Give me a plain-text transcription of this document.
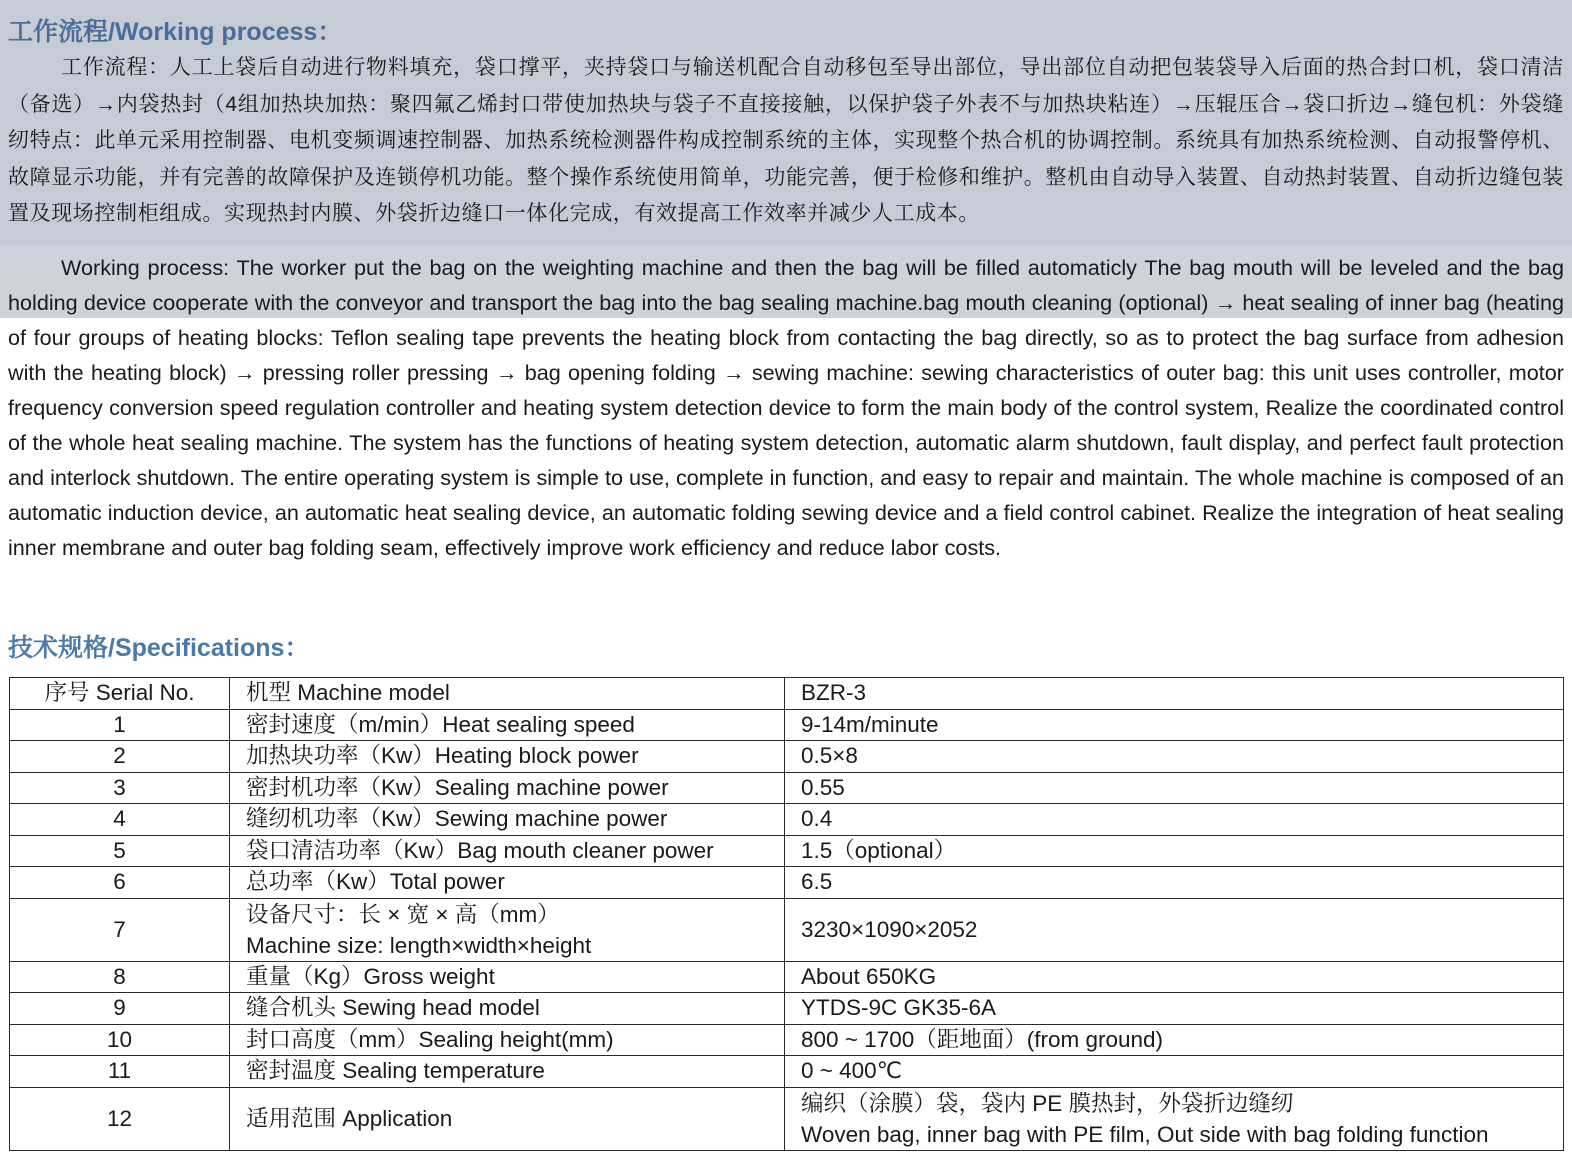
工作流程/Working process：
工作流程：人工上袋后自动进行物料填充，袋口撑平，夹持袋口与输送机配合自动移包至导出部位，导出部位自动把包装袋导入后面的热合封口机，袋口清洁（备选）→内袋热封（4组加热块加热：聚四氟乙烯封口带使加热块与袋子不直接接触，以保护袋子外表不与加热块粘连）→压辊压合→袋口折边→缝包机：外袋缝纫特点：此单元采用控制器、电机变频调速控制器、加热系统检测器件构成控制系统的主体，实现整个热合机的协调控制。系统具有加热系统检测、自动报警停机、故障显示功能，并有完善的故障保护及连锁停机功能。整个操作系统使用简单，功能完善，便于检修和维护。整机由自动导入装置、自动热封装置、自动折边缝包装置及现场控制柜组成。实现热封内膜、外袋折边缝口一体化完成，有效提高工作效率并减少人工成本。
Working process: The worker put the bag on the weighting machine and then the bag will be filled automaticly The bag mouth will be leveled and the bag holding device cooperate with the conveyor and transport the bag into the bag sealing machine.bag mouth cleaning (optional) → heat sealing of inner bag (heating of four groups of heating blocks: Teflon sealing tape prevents the heating block from contacting the bag directly, so as to protect the bag surface from adhesion with the heating block) → pressing roller pressing → bag opening folding → sewing machine: sewing characteristics of outer bag: this unit uses controller, motor frequency conversion speed regulation controller and heating system detection device to form the main body of the control system, Realize the coordinated control of the whole heat sealing machine. The system has the functions of heating system detection, automatic alarm shutdown, fault display, and perfect fault protection and interlock shutdown. The entire operating system is simple to use, complete in function, and easy to repair and maintain. The whole machine is composed of an automatic induction device, an automatic heat sealing device, an automatic folding sewing device and a field control cabinet. Realize the integration of heat sealing inner membrane and outer bag folding seam, effectively improve work efficiency and reduce labor costs.
技术规格/Specifications：
序号 Serial No.	机型 Machine model	BZR-3
1	密封速度（m/min）Heat sealing speed	9-14m/minute
2	加热块功率（Kw）Heating block power	0.5×8
3	密封机功率（Kw）Sealing machine power	0.55
4	缝纫机功率（Kw）Sewing machine power	0.4
5	袋口清洁功率（Kw）Bag mouth cleaner power	1.5（optional）
6	总功率（Kw）Total power	6.5
7	设备尺寸：长 × 宽 × 高（mm）
Machine size: length×width×height	3230×1090×2052
8	重量（Kg）Gross weight	About 650KG
9	缝合机头 Sewing head model	YTDS-9C GK35-6A
10	封口高度（mm）Sealing height(mm)	800 ~ 1700（距地面）(from ground)
11	密封温度 Sealing temperature	0 ~ 400℃
12	适用范围 Application	编织（涂膜）袋，袋内 PE 膜热封，外袋折边缝纫
Woven bag, inner bag with PE film, Out side with bag folding function
